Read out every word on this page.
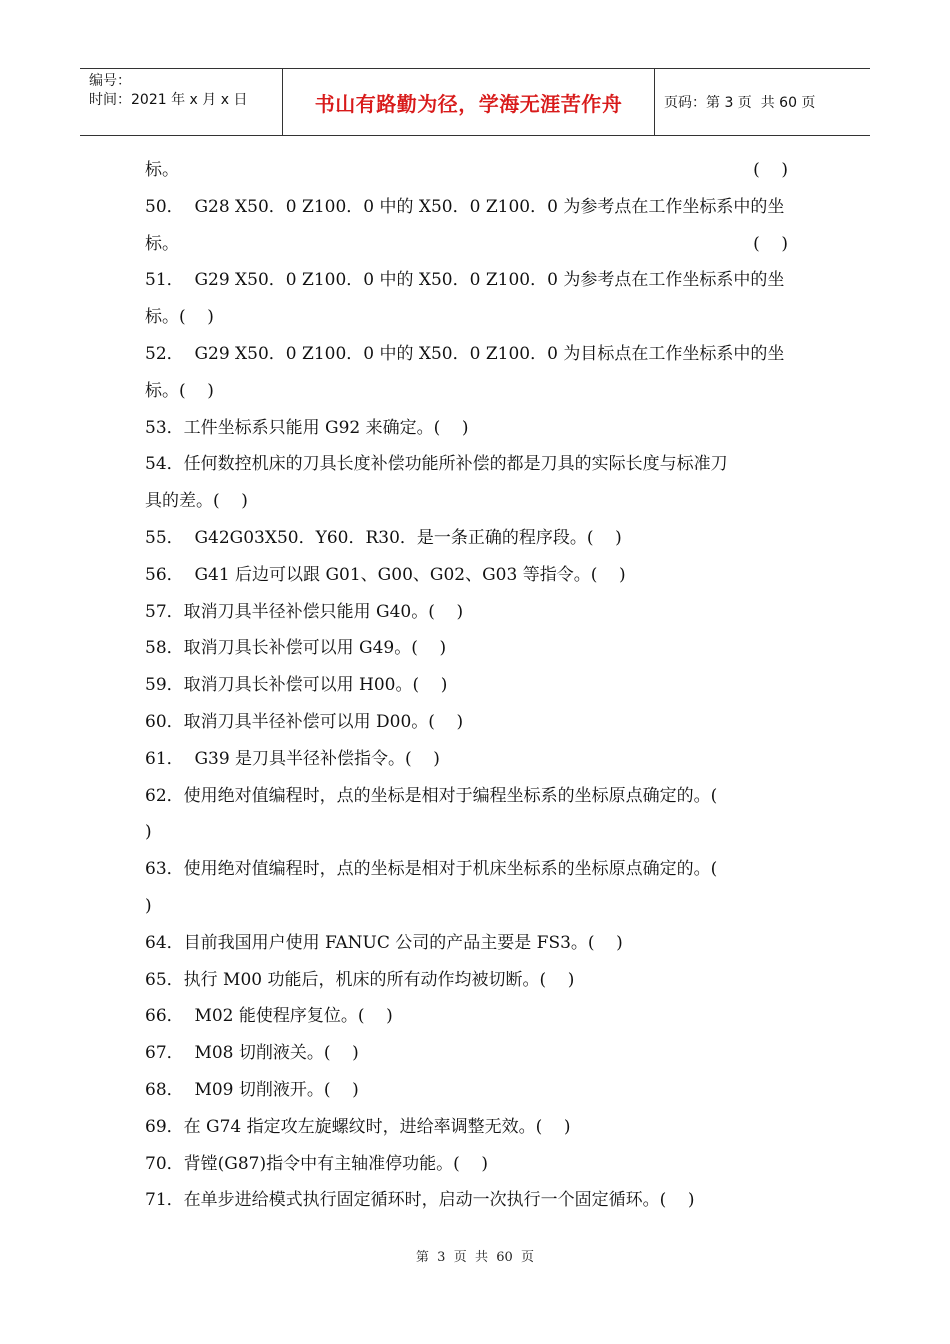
编号：
时间：2021 年 x 月 x 日	书山有路勤为径，学海无涯苦作舟	页码：第 3 页  共 60 页
标。	(    )
50．  G28 X50．0 Z100．0 中的 X50．0 Z100．0 为参考点在工作坐标系中的坐
标。	(    )
51．  G29 X50．0 Z100．0 中的 X50．0 Z100．0 为参考点在工作坐标系中的坐
标。(    )
52．  G29 X50．0 Z100．0 中的 X50．0 Z100．0 为目标点在工作坐标系中的坐
标。(    )
53．工件坐标系只能用 G92 来确定。(    )
54．任何数控机床的刀具长度补偿功能所补偿的都是刀具的实际长度与标准刀
具的差。(    )
55．  G42G03X50．Y60．R30．是一条正确的程序段。(    )
56．  G41 后边可以跟 G01、G00、G02、G03 等指令。(    )
57．取消刀具半径补偿只能用 G40。(    )
58．取消刀具长补偿可以用 G49。(    )
59．取消刀具长补偿可以用 H00。(    )
60．取消刀具半径补偿可以用 D00。(    )
61．  G39 是刀具半径补偿指令。(    )
62．使用绝对值编程时，点的坐标是相对于编程坐标系的坐标原点确定的。(
)
63．使用绝对值编程时，点的坐标是相对于机床坐标系的坐标原点确定的。(
)
64．目前我国用户使用 FANUC 公司的产品主要是 FS3。(    )
65．执行 M00 功能后，机床的所有动作均被切断。(    )
66．  M02 能使程序复位。(    )
67．  M08 切削液关。(    )
68．  M09 切削液开。(    )
69．在 G74 指定攻左旋螺纹时，进给率调整无效。(    )
70．背镗(G87)指令中有主轴准停功能。(    )
71．在单步进给模式执行固定循环时，启动一次执行一个固定循环。(    )
第  3  页  共  60  页
